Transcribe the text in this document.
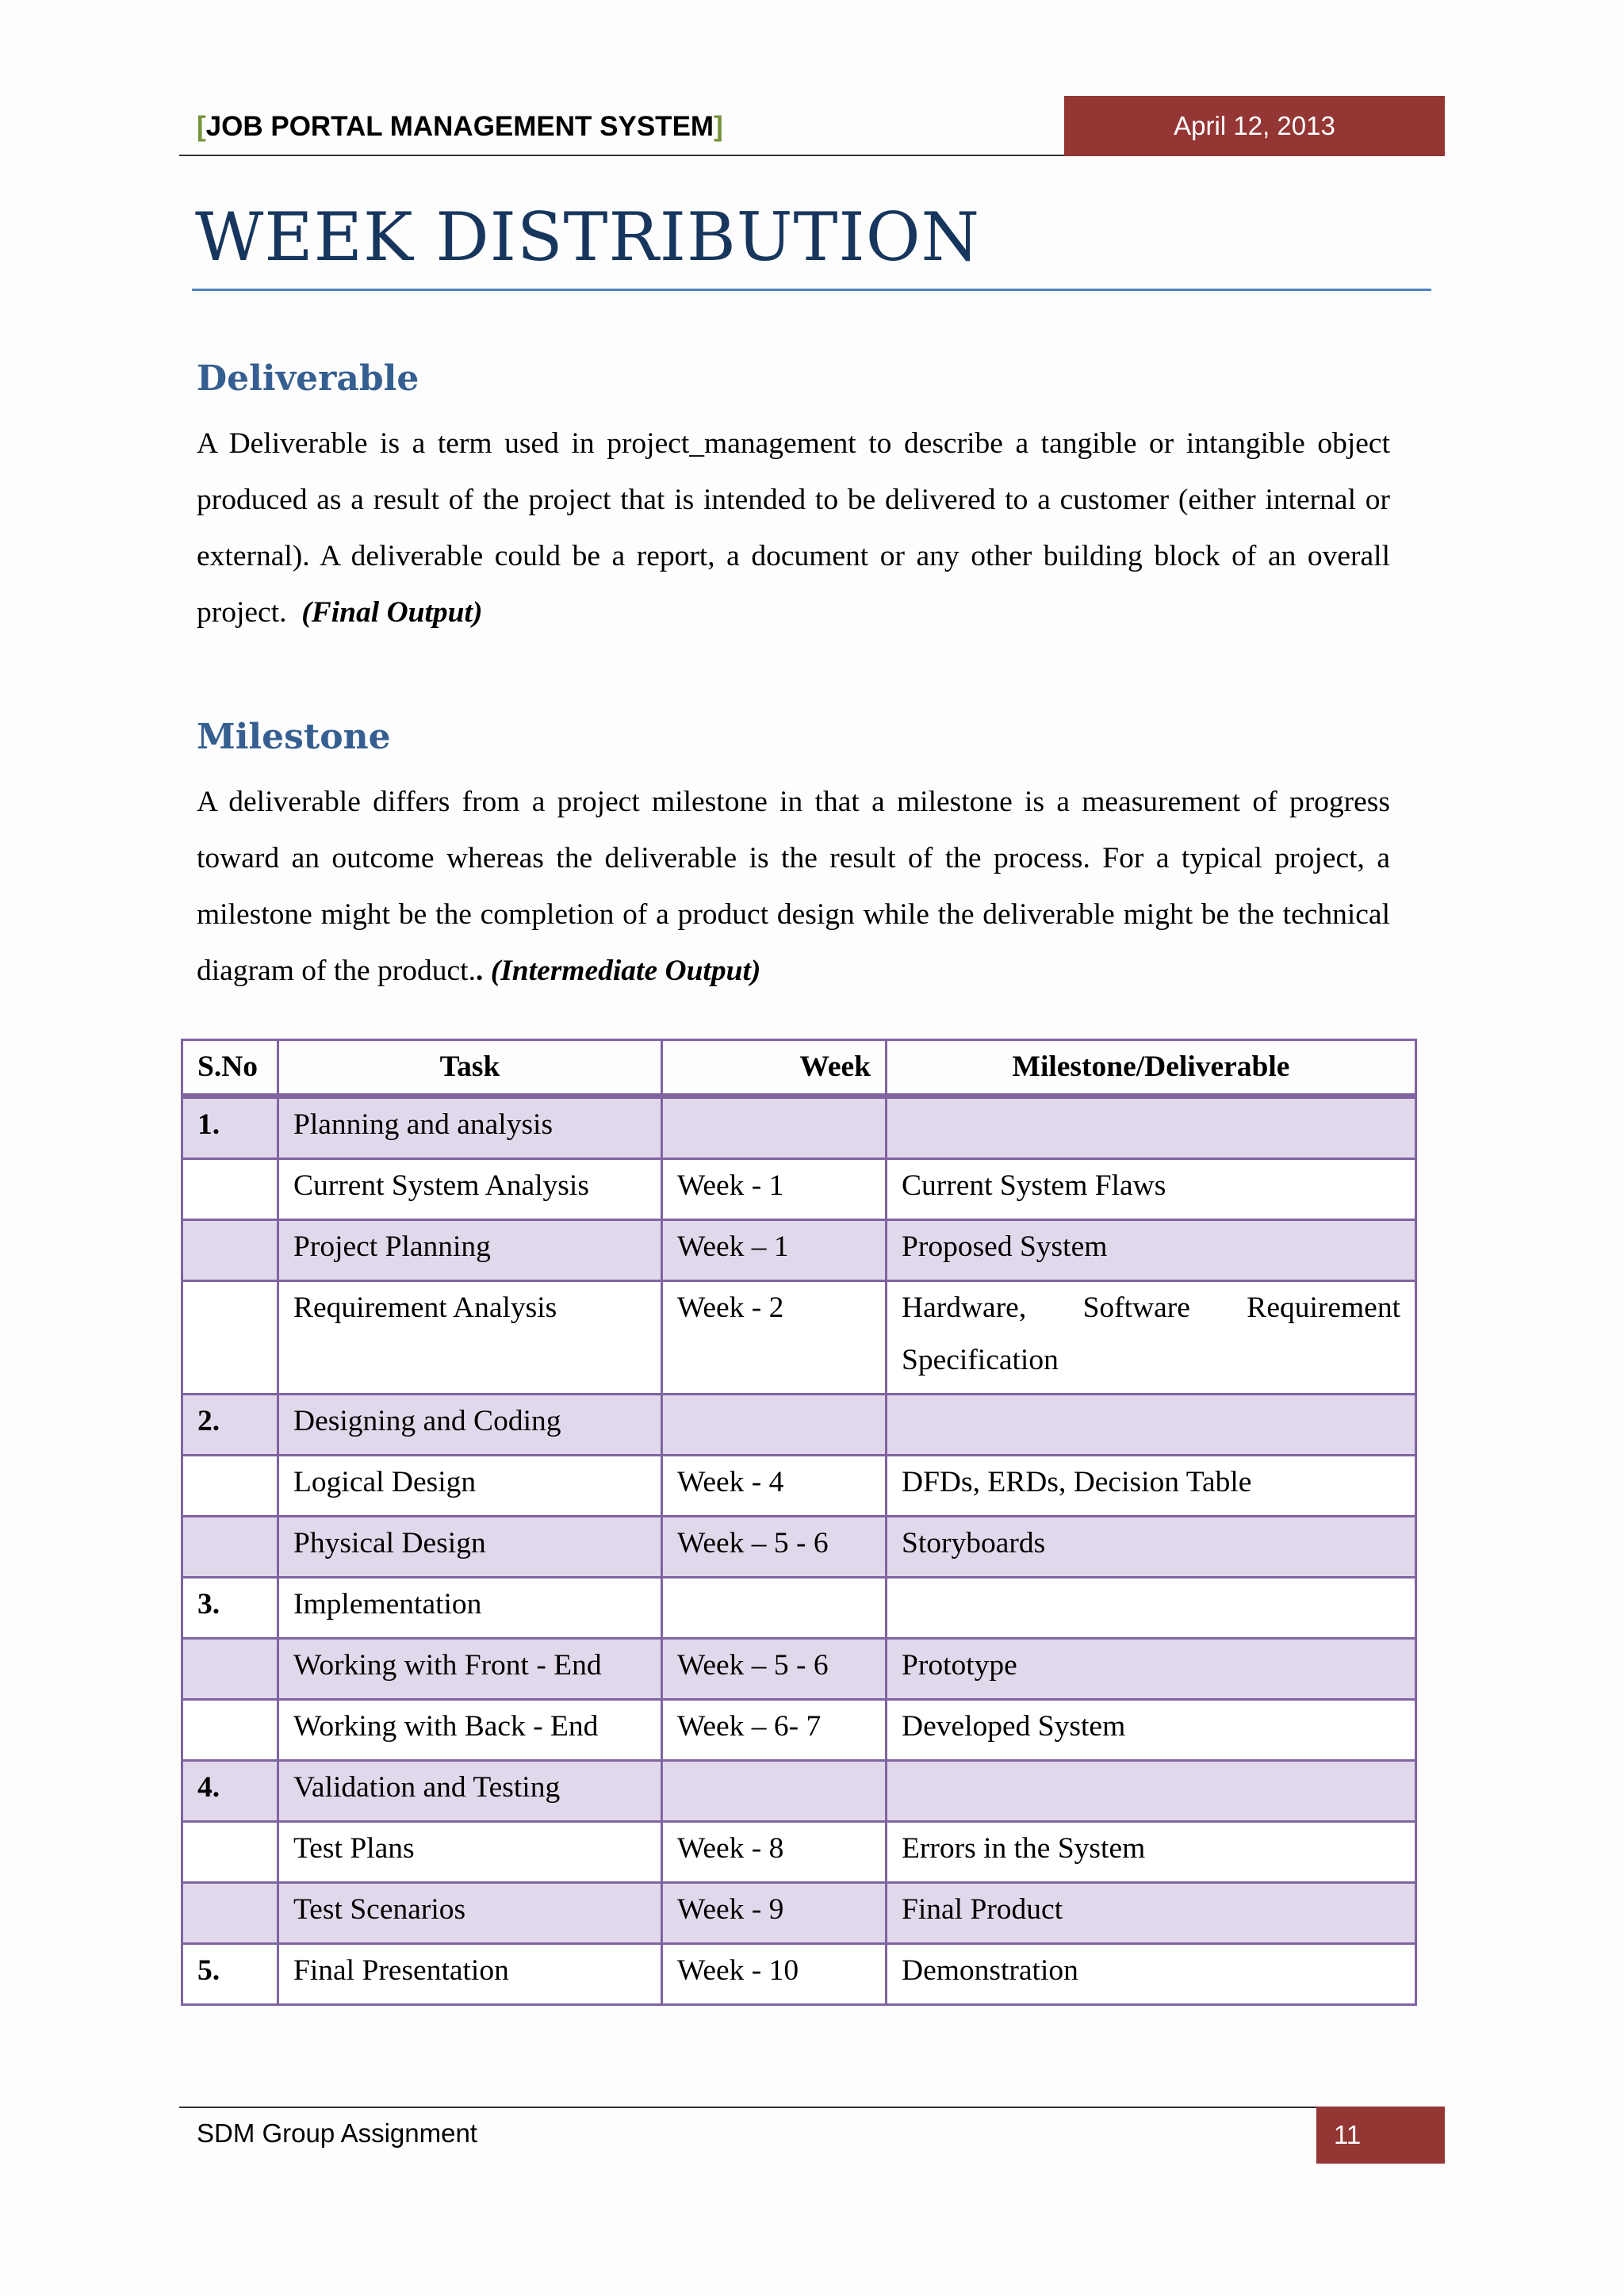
[JOB PORTAL MANAGEMENT SYSTEM]	April 12, 2013
WEEK DISTRIBUTION
Deliverable

A Deliverable is a term used in project_management to describe a tangible or intangible object produced as a result of the project that is intended to be delivered to a customer (either internal or external). A deliverable could be a report, a document or any other building block of an overall project. (Final Output)

Milestone

A deliverable differs from a project milestone in that a milestone is a measurement of progress toward an outcome whereas the deliverable is the result of the process. For a typical project, a milestone might be the completion of a product design while the deliverable might be the technical diagram of the product.. (Intermediate Output)

S.No	Task	Week	Milestone/Deliverable
1.	Planning and analysis		
	Current System Analysis	Week - 1	Current System Flaws
	Project Planning	Week – 1	Proposed System
	Requirement Analysis	Week - 2	Hardware, Software Requirement Specification
2.	Designing and Coding		
	Logical Design	Week - 4	DFDs, ERDs, Decision Table
	Physical Design	Week – 5 - 6	Storyboards
3.	Implementation		
	Working with Front - End	Week – 5 - 6	Prototype
	Working with Back - End	Week – 6- 7	Developed System
4.	Validation and Testing		
	Test Plans	Week - 8	Errors in the System
	Test Scenarios	Week - 9	Final Product
5.	Final Presentation	Week - 10	Demonstration
SDM Group Assignment	11
